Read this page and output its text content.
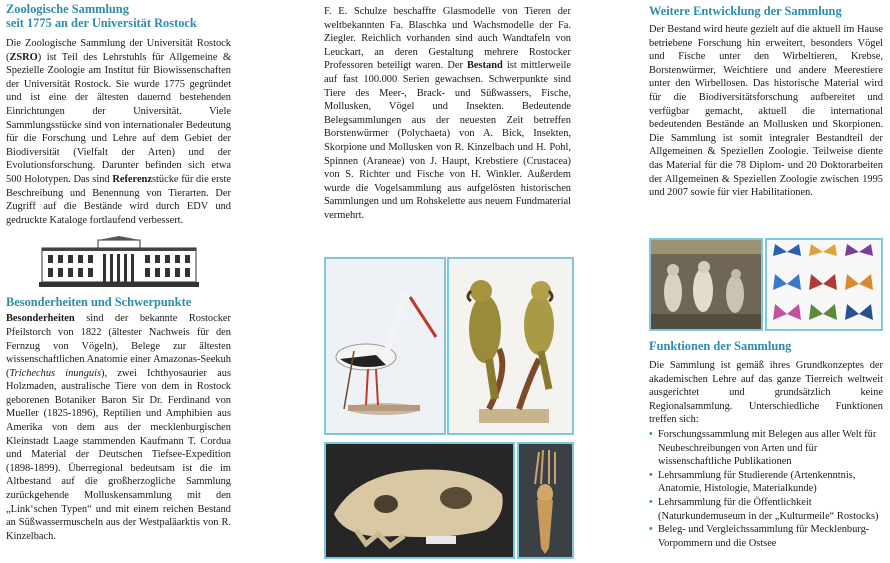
Zoologische Sammlung
seit 1775 an der Universität Rostock

Die Zoologische Sammlung der Universität Rostock (ZSRO) ist Teil des Lehrstuhls für Allgemeine & Spezielle Zoologie am Institut für Biowissenschaften der Universität Rostock. Sie wurde 1775 gegründet und ist eine der ältesten dauernd bestehenden Einrichtungen der Universität. Viele Sammlungsstücke sind von internationaler Bedeutung für die Forschung und Lehre auf dem Gebiet der Biodiversität (Vielfalt der Arten) und der Evolutionsforschung. Darunter befinden sich etwa 500 Holotypen. Das sind Referenzstücke für die erste Beschreibung und Benennung von Tierarten. Der Zugriff auf die Bestände wird durch EDV und gedruckte Kataloge fortlaufend verbessert.

Besonderheiten und Schwerpunkte

Besonderheiten sind der bekannte Rostocker Pfeilstorch von 1822 (ältester Nachweis für den Fernzug von Vögeln), Belege zur ältesten wissenschaftlichen Anatomie einer Amazonas-Seekuh (Trichechus inunguis), zwei Ichthyosaurier aus Holzmaden, australische Tiere von dem in Rostock geborenen Botaniker Baron Sir Dr. Ferdinand von Mueller (1825-1896), Reptilien und Amphibien aus Amerika von dem aus der mecklenburgischen Kleinstadt Laage stammenden Kaufmann T. Cordua und Material der Deutschen Tiefsee-Expedition (1898-1899). Überregional bedeutsam ist die im Altbestand auf die großherzogliche Sammlung zurückgehende Molluskensammlung mit den „Link‘schen Typen“ und mit einem reichen Bestand an Süßwassermuscheln aus der Westpaläarktis von R. Kinzelbach.

F. E. Schulze beschaffte Glasmodelle von Tieren der weltbekannten Fa. Blaschka und Wachsmodelle der Fa. Ziegler. Reichlich vorhanden sind auch Wandtafeln von Leuckart, an deren Gestaltung mehrere Rostocker Professoren beteiligt waren. Der Bestand ist mittlerweile auf fast 100.000 Serien gewachsen. Schwerpunkte sind Tiere des Meer-, Brack- und Süßwassers, Fische, Mollusken, Vögel und Insekten. Bedeutende Belegsammlungen aus der neuesten Zeit betreffen Borstenwürmer (Polychaeta) von A. Bick, Insekten, Skorpione und Mollusken von R. Kinzelbach und H. Pohl, Spinnen (Araneae) von J. Haupt, Krebstiere (Crustacea) von S. Richter und Fische von H. Winkler. Außerdem wurde die Vogelsammlung aus aufgelösten historischen Sammlungen und um Rohskelette aus neuem Fundmaterial vermehrt.

Weitere Entwicklung der Sammlung

Der Bestand wird heute gezielt auf die aktuell im Hause betriebene Forschung hin erweitert, besonders Vögel und Fische unter den Wirbeltieren, Krebse, Borstenwürmer, Weichtiere und andere Meerestiere unter den Wirbellosen. Das historische Material wird für die Biodiversitätsforschung aufbereitet und verfügbar gemacht, aktuell die international bedeutenden Bestände an Mollusken und Skorpionen. Die Sammlung ist somit integraler Bestandteil der Allgemeinen & Speziellen Zoologie. Teilweise diente das Material für die 78 Diplom- und 20 Doktorarbeiten der Allgemeinen & Speziellen Zoologie zwischen 1995 und 2007 sowie für vier Habilitationen.

Funktionen der Sammlung

Die Sammlung ist gemäß ihres Grundkonzeptes der akademischen Lehre auf das ganze Tierreich weltweit ausgerichtet und grundsätzlich keine Regionalsammlung. Unterschiedliche Funktionen treffen sich:

• Forschungssammlung mit Belegen aus aller Welt für Neubeschreibungen von Arten und für wissenschaftliche Publikationen
• Lehrsammlung für Studierende (Artenkenntnis, Anatomie, Histologie, Materialkunde)
• Lehrsammlung für die Öffentlichkeit (Naturkundemuseum in der „Kulturmeile“ Rostocks)
• Beleg- und Vergleichssammlung für Mecklenburg-Vorpommern und die Ostsee
